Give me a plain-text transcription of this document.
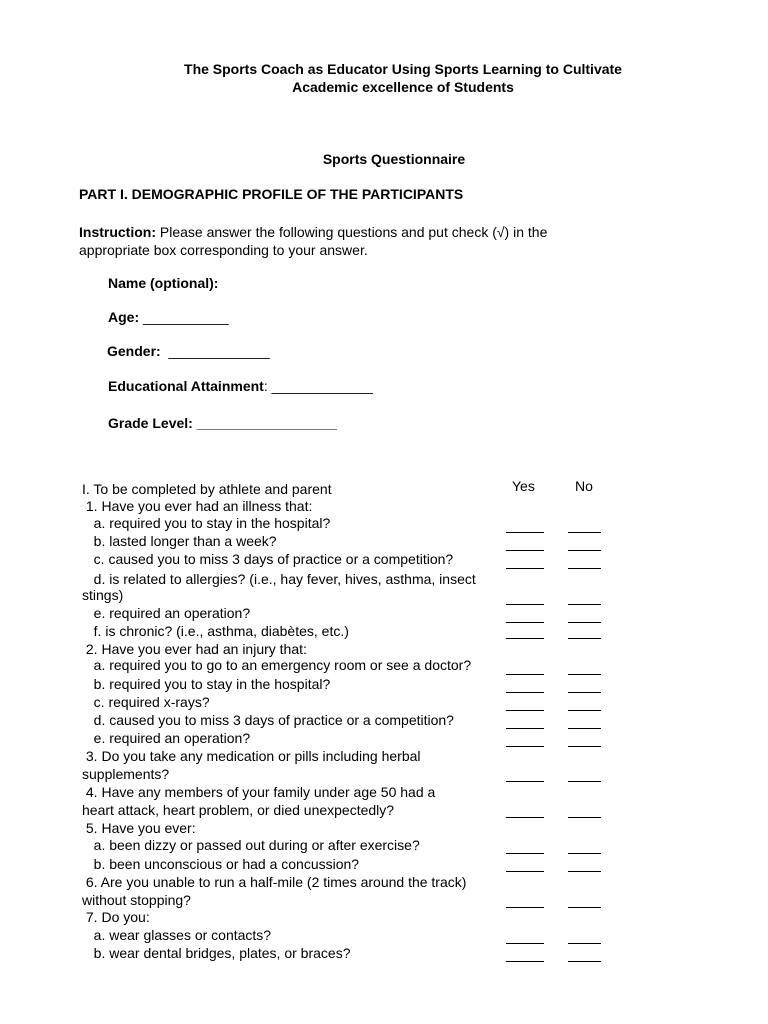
The Sports Coach as Educator Using Sports Learning to Cultivate
Academic excellence of Students
Sports Questionnaire
PART I. DEMOGRAPHIC PROFILE OF THE PARTICIPANTS
Instruction: Please answer the following questions and put check (√) in the appropriate box corresponding to your answer.
Name (optional):
Age: ___________
Gender:  _____________
Educational Attainment: _____________
Grade Level: __________________
Yes	No
I. To be completed by athlete and parent
1. Have you ever had an illness that:
a. required you to stay in the hospital?
b. lasted longer than a week?
c. caused you to miss 3 days of practice or a competition?
d. is related to allergies? (i.e., hay fever, hives, asthma, insect
stings)
e. required an operation?
f. is chronic? (i.e., asthma, diabètes, etc.)
2. Have you ever had an injury that:
a. required you to go to an emergency room or see a doctor?
b. required you to stay in the hospital?
c. required x-rays?
d. caused you to miss 3 days of practice or a competition?
e. required an operation?
3. Do you take any medication or pills including herbal
supplements?
4. Have any members of your family under age 50 had a
heart attack, heart problem, or died unexpectedly?
5. Have you ever:
a. been dizzy or passed out during or after exercise?
b. been unconscious or had a concussion?
6. Are you unable to run a half-mile (2 times around the track)
without stopping?
7. Do you:
a. wear glasses or contacts?
b. wear dental bridges, plates, or braces?
